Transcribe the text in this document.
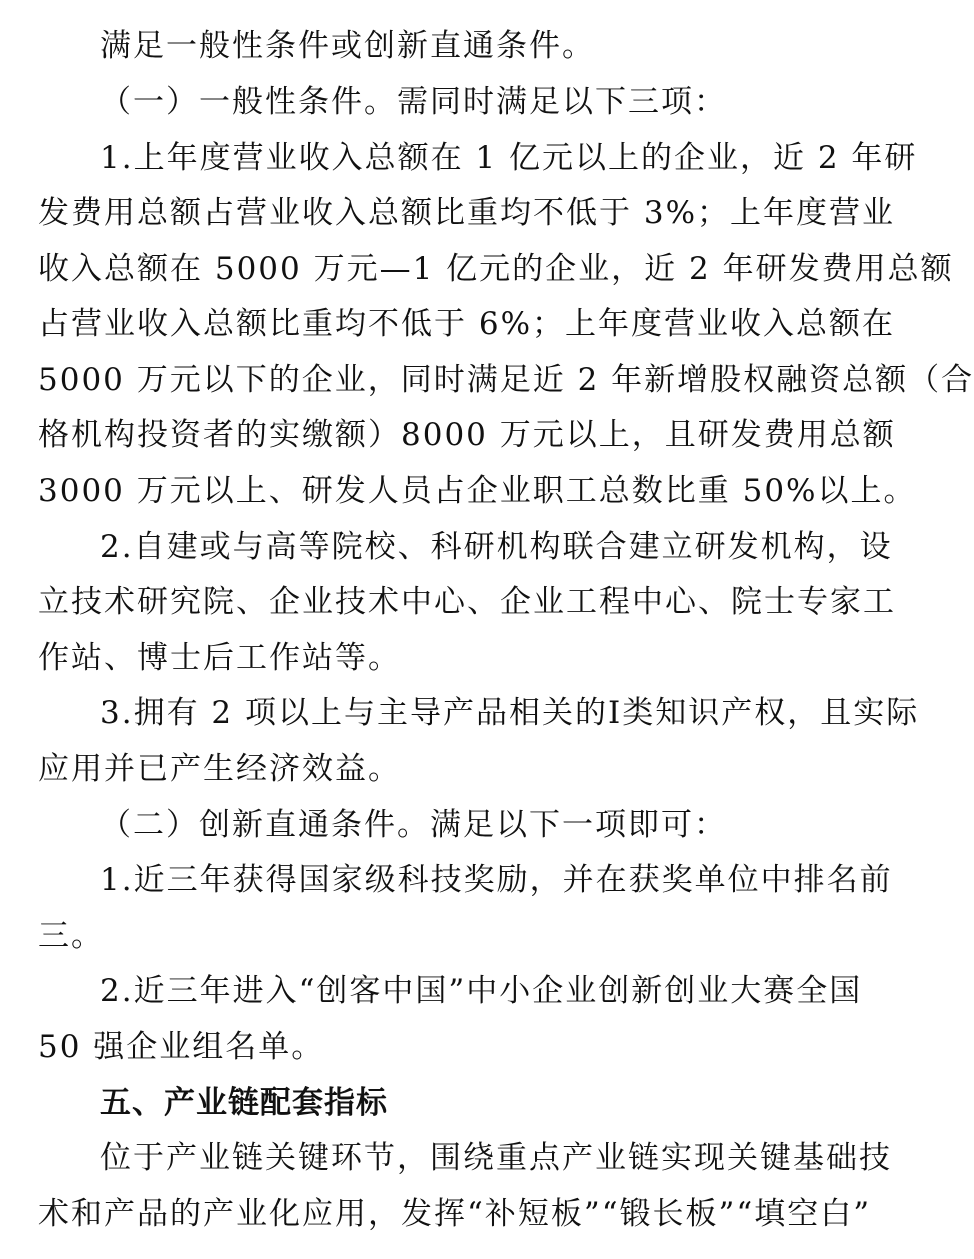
满足一般性条件或创新直通条件。
（一）一般性条件。需同时满足以下三项：
1.上年度营业收入总额在 1 亿元以上的企业，近 2 年研
发费用总额占营业收入总额比重均不低于 3%；上年度营业
收入总额在 5000 万元—1 亿元的企业，近 2 年研发费用总额
占营业收入总额比重均不低于 6%；上年度营业收入总额在
5000 万元以下的企业，同时满足近 2 年新增股权融资总额（合
格机构投资者的实缴额）8000 万元以上，且研发费用总额
3000 万元以上、研发人员占企业职工总数比重 50%以上。
2.自建或与高等院校、科研机构联合建立研发机构，设
立技术研究院、企业技术中心、企业工程中心、院士专家工
作站、博士后工作站等。
3.拥有 2 项以上与主导产品相关的I类知识产权，且实际
应用并已产生经济效益。
（二）创新直通条件。满足以下一项即可：
1.近三年获得国家级科技奖励，并在获奖单位中排名前
三。
2.近三年进入“创客中国”中小企业创新创业大赛全国
50 强企业组名单。
五、产业链配套指标
位于产业链关键环节，围绕重点产业链实现关键基础技
术和产品的产业化应用，发挥“补短板”“锻长板”“填空白”
